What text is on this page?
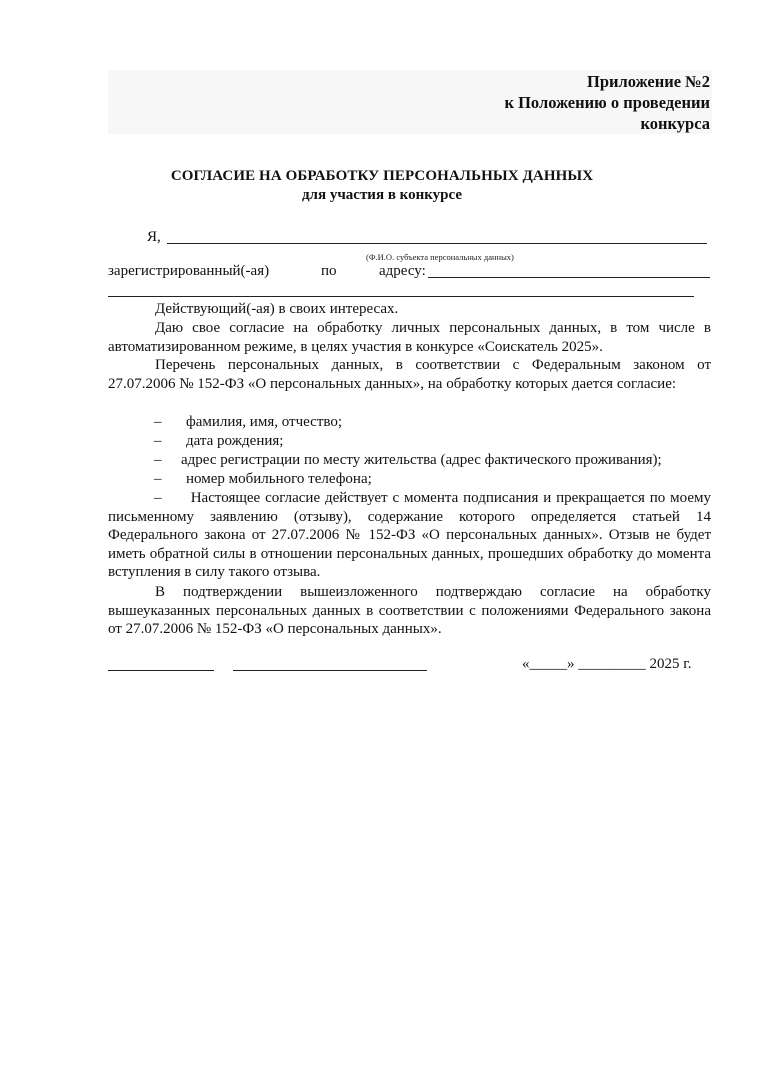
Приложение №2
к Положению о проведении
конкурса
СОГЛАСИЕ НА ОБРАБОТКУ ПЕРСОНАЛЬНЫХ ДАННЫХ
для участия в конкурсе
Я,
(Ф.И.О. субъекта персональных данных)
зарегистрированный(-ая)	по	адресу:
Действующий(-ая) в своих интересах.
Даю свое согласие на обработку личных персональных данных, в том числе в автоматизированном режиме, в целях участия в конкурсе «Соискатель 2025».
Перечень персональных данных, в соответствии с Федеральным законом от 27.07.2006 № 152-ФЗ «О персональных данных», на обработку которых дается согласие:
– фамилия, имя, отчество;
– дата рождения;
– адрес регистрации по месту жительства (адрес фактического проживания);
– номер мобильного телефона;
– Настоящее согласие действует с момента подписания и прекращается по моему письменному заявлению (отзыву), содержание которого определяется статьей 14 Федерального закона от 27.07.2006 № 152-ФЗ «О персональных данных». Отзыв не будет иметь обратной силы в отношении персональных данных, прошедших обработку до момента вступления в силу такого отзыва.
В подтверждении вышеизложенного подтверждаю согласие на обработку вышеуказанных персональных данных в соответствии с положениями Федерального закона от 27.07.2006 № 152-ФЗ «О персональных данных».
«_____» _________ 2025 г.
